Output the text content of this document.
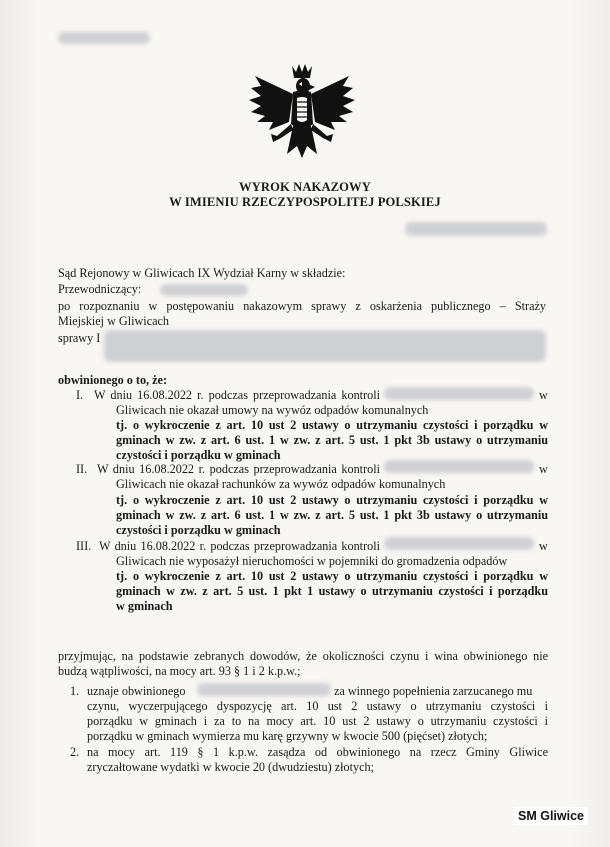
WYROK NAKAZOWY
W IMIENIU RZECZYPOSPOLITEJ POLSKIEJ
Sąd Rejonowy w Gliwicach IX Wydział Karny w składzie:
Przewodniczący:
po rozpoznaniu w postępowaniu nakazowym sprawy z oskarżenia publicznego – Straży
Miejskiej w Gliwicach
sprawy I
obwinionego o to, że:
I. W dniu 16.08.2022 r. podczas przeprowadzania kontroli	w
Gliwicach nie okazał umowy na wywóz odpadów komunalnych
tj. o wykroczenie z art. 10 ust 2 ustawy o utrzymaniu czystości i porządku w
gminach w zw. z art. 6 ust. 1 w zw. z art. 5 ust. 1 pkt 3b ustawy o utrzymaniu
czystości i porządku w gminach
II. W dniu 16.08.2022 r. podczas przeprowadzania kontroli	w
Gliwicach nie okazał rachunków za wywóz odpadów komunalnych
tj. o wykroczenie z art. 10 ust 2 ustawy o utrzymaniu czystości i porządku w
gminach w zw. z art. 6 ust. 1 w zw. z art. 5 ust. 1 pkt 3b ustawy o utrzymaniu
czystości i porządku w gminach
III. W dniu 16.08.2022 r. podczas przeprowadzania kontroli	w
Gliwicach nie wyposażył nieruchomości w pojemniki do gromadzenia odpadów
tj. o wykroczenie z art. 10 ust 2 ustawy o utrzymaniu czystości i porządku w
gminach w zw. z art. 5 ust. 1 pkt 1 ustawy o utrzymaniu czystości i porządku
w gminach
przyjmując, na podstawie zebranych dowodów, że okoliczności czynu i wina obwinionego nie
budzą wątpliwości, na mocy art. 93 § 1 i 2 k.p.w.;
1. uznaje obwinionego	za winnego popełnienia zarzucanego mu
czynu, wyczerpującego dyspozycję art. 10 ust 2 ustawy o utrzymaniu czystości i
porządku w gminach i za to na mocy art. 10 ust 2 ustawy o utrzymaniu czystości i
porządku w gminach wymierza mu karę grzywny w kwocie 500 (pięćset) złotych;
2. na mocy art. 119 § 1 k.p.w. zasądza od obwinionego na rzecz Gminy Gliwice
zryczałtowane wydatki w kwocie 20 (dwudziestu) złotych;
SM Gliwice
